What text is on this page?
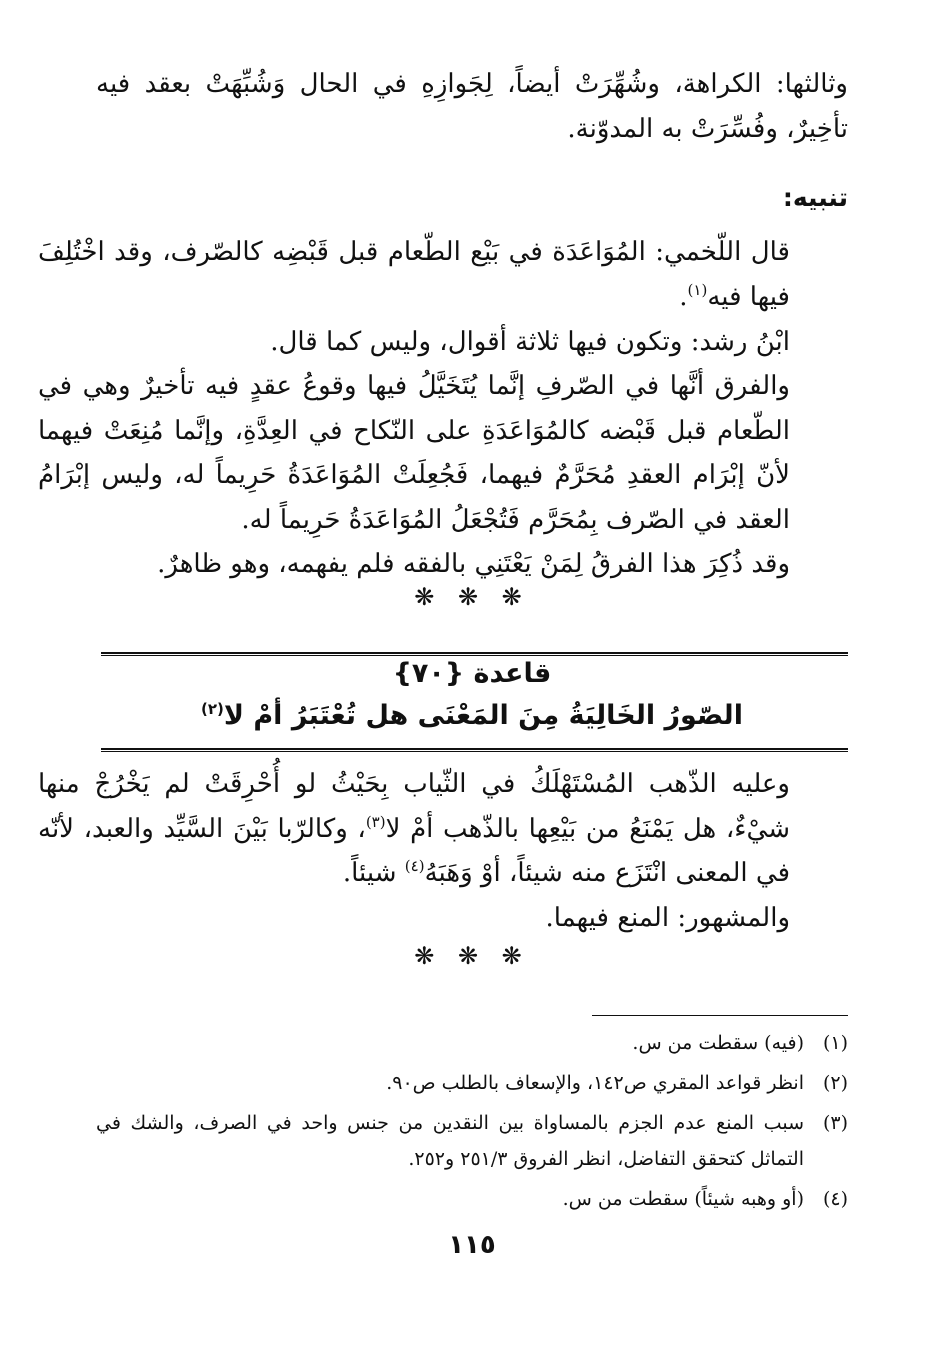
وثالثها: الكراهة، وشُهِّرَتْ أيضاً، لِجَوازِهِ في الحال وَشُبِّهَتْ بعقد فيه تأخِيرٌ، وفُسِّرَتْ به المدوّنة.

تنبيه:

قال اللّخمي: المُوَاعَدَة في بَيْع الطّعام قبل قَبْضِه كالصّرف، وقد اخْتُلِفَ فيها فيه$^{(١)}$.

ابْنُ رشد: وتكون فيها ثلاثة أقوال، وليس كما قال.

والفرق أنَّها في الصّرفِ إنَّما يُتَخَيَّلُ فيها وقوعُ عقدٍ فيه تأخيرٌ وهي في الطّعام قبل قَبْضه كالمُوَاعَدَةِ على النّكاح في العِدَّةِ، وإنَّما مُنِعَتْ فيهما لأنّ إبْرَام العقدِ مُحَرَّمٌ فيهما، فَجُعِلَتْ المُوَاعَدَةُ حَرِيماً له، وليس إبْرَامُ العقد في الصّرف بِمُحَرَّم فَتُجْعَلُ المُوَاعَدَةُ حَرِيماً له.

وقد ذُكِرَ هذا الفرقُ لِمَنْ يَعْتَنِي بالفقه فلم يفهمه، وهو ظاهرٌ.

❋ ❋ ❋
قاعدة {٧٠}
الصّورُ الخَالِيَةُ مِنَ المَعْنَى هل تُعْتَبَرُ أمْ لا$^{(٢)}$

وعليه الذّهب المُسْتَهْلَكُ في الثّياب بِحَيْثُ لو أُحْرِقَتْ لم يَخْرُجْ منها شيْءٌ، هل يَمْنَعُ من بَيْعِها بالذّهب أمْ لا$^{(٣)}$، وكالرّبا بَيْنَ السَّيِّد والعبد، لأنّه في المعنى انْتَزَع منه شيئاً، أوْ وَهَبَهُ$^{(٤)}$ شيئاً.

والمشهور: المنع فيهما.

❋ ❋ ❋
(١)
(فيه) سقطت من س.
(٢)
انظر قواعد المقري ص١٤٢، والإسعاف بالطلب ص٩٠.
(٣)
سبب المنع عدم الجزم بالمساواة بين النقدين من جنس واحد في الصرف، والشك في التماثل كتحقق التفاضل، انظر الفروق ٢٥١/٣ و٢٥٢.
(٤)
(أو وهبه شيئاً) سقطت من س.
١١٥
